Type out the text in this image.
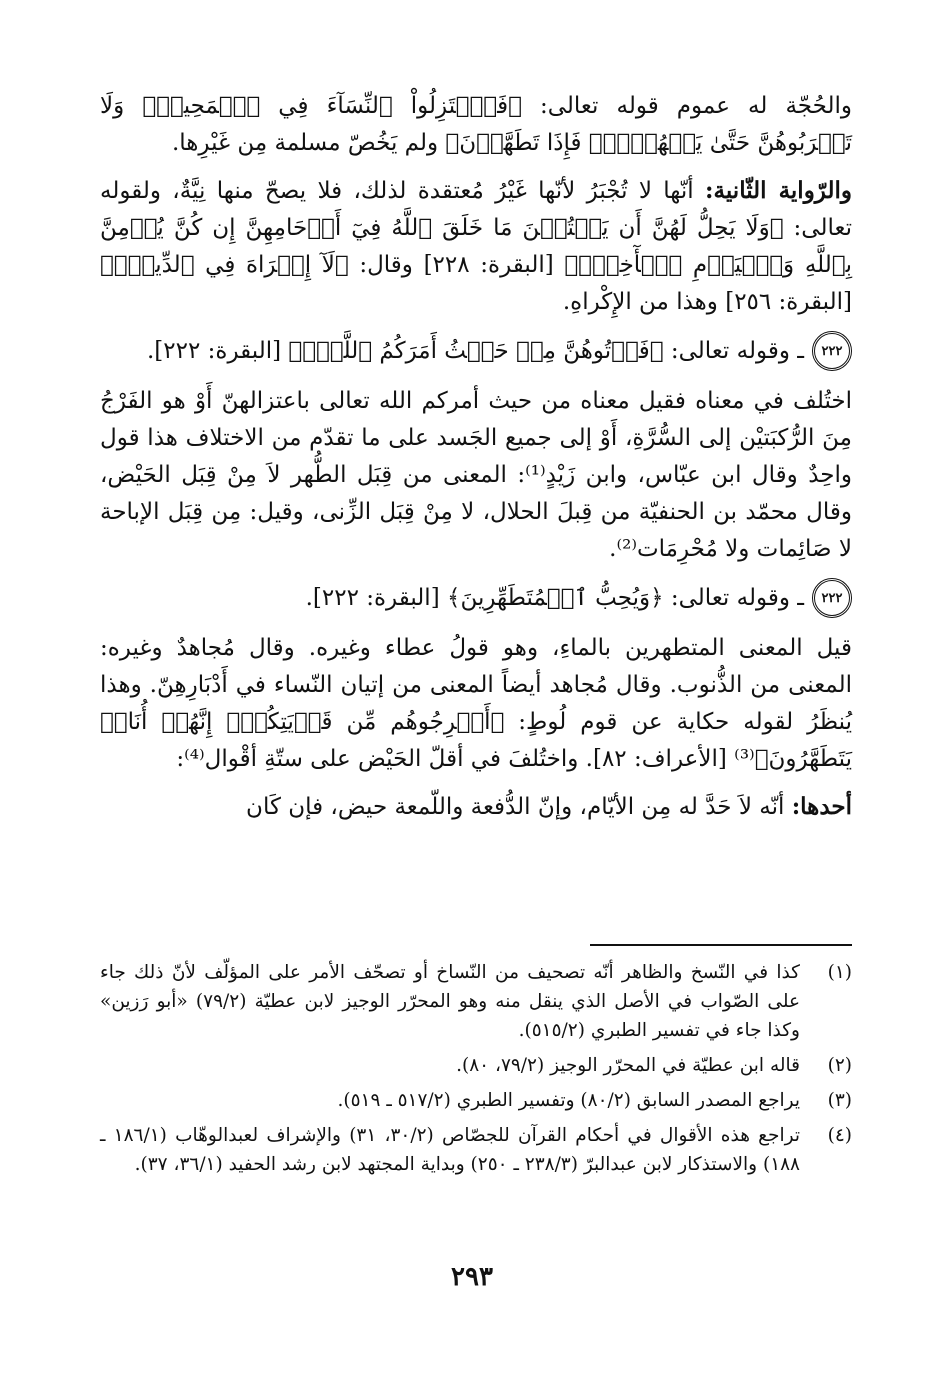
والحُجّة له عموم قوله تعالى: ﴿فَٱعۡتَزِلُواْ ٱلنِّسَآءَ فِي ٱلۡمَحِيضِۖ وَلَا تَقۡرَبُوهُنَّ حَتَّىٰ يَطۡهُرۡنَۖ فَإِذَا تَطَهَّرۡنَ﴾ ولم يَخُصّ مسلمة مِن غَيْرِها.

والرّواية الثّانية: أنّها لا تُجْبَرُ لأنّها غَيْرُ مُعتقدة لذلك، فلا يصحّ منها نِيَّةٌ، ولقوله تعالى: ﴿وَلَا يَحِلُّ لَهُنَّ أَن يَكۡتُمۡنَ مَا خَلَقَ ٱللَّهُ فِيٓ أَرۡحَامِهِنَّ إِن كُنَّ يُؤۡمِنَّ بِٱللَّهِ وَٱلۡيَوۡمِ ٱلۡأٓخِرِۚ﴾ [البقرة: ٢٢٨] وقال: ﴿لَآ إِكۡرَاهَ فِي ٱلدِّينِۖ﴾ [البقرة: ٢٥٦] وهذا من الإِكْراهِ.

٢٢٢
ـ وقوله تعالى: ﴿فَأۡتُوهُنَّ مِنۡ حَيۡثُ أَمَرَكُمُ ٱللَّهُۚ﴾ [البقرة: ٢٢٢].

اختُلف في معناه فقيل معناه من حيث أمركم الله تعالى باعتزالهنّ أَوْ هو الفَرْجُ مِنَ الرُّكبَتيْن إلى السُّرَّةِ، أَوْ إلى جميع الجَسد على ما تقدّم من الاختلاف هذا قول واحِدٌ وقال ابن عبّاس، وابن زَيْدٍ⁽¹⁾: المعنى من قِبَل الطُّهر لاَ مِنْ قِبَل الحَيْض، وقال محمّد بن الحنفيّة من قِبلَ الحلال، لا مِنْ قِبَل الزِّنى، وقيل: مِن قِبَل الإباحة لا صَائِمات ولا مُحْرِمَات⁽²⁾.

٢٢٢
ـ وقوله تعالى: ﴿وَيُحِبُّ ٱلۡمُتَطَهِّرِينَ﴾ [البقرة: ٢٢٢].

قيل المعنى المتطهرين بالماءِ، وهو قولُ عطاء وغيره. وقال مُجاهدٌ وغيره: المعنى من الذُّنوب. وقال مُجاهد أيضاً المعنى من إتيان النّساء في أَدْبَارِهِنّ. وهذا يُنظَرُ لقوله حكاية عن قوم لُوطٍ: ﴿أَخۡرِجُوهُم مِّن قَرۡيَتِكُمۡۖ إِنَّهُمۡ أُنَاسٞ يَتَطَهَّرُونَ﴾⁽³⁾ [الأعراف: ٨٢]. واختُلفَ في أقلّ الحَيْض على ستّةِ أقْوال⁽⁴⁾:

أحدها: أنّه لاَ حَدَّ له مِن الأيّام، وإنّ الدُّفعة واللّمعة حيض، فإن كَان

(١)
كذا في النّسخ والظاهر أنّه تصحيف من النّساخ أو تصحّف الأمر على المؤلّف لأنّ ذلك جاء على الصّواب في الأصل الذي ينقل منه وهو المحرّر الوجيز لابن عطيّة (٧٩/٢) «أبو رَزين» وكذا جاء في تفسير الطبري (٥١٥/٢).
(٢)
قاله ابن عطيّة في المحرّر الوجيز (٧٩/٢، ٨٠).
(٣)
يراجع المصدر السابق (٨٠/٢) وتفسير الطبري (٥١٧/٢ ـ ٥١٩).
(٤)
تراجع هذه الأقوال في أحكام القرآن للجصّاص (٣٠/٢، ٣١) والإشراف لعبدالوهّاب (١٨٦/١ ـ ١٨٨) والاستذكار لابن عبدالبرّ (٢٣٨/٣ ـ ٢٥٠) وبداية المجتهد لابن رشد الحفيد (٣٦/١، ٣٧).
٢٩٣
